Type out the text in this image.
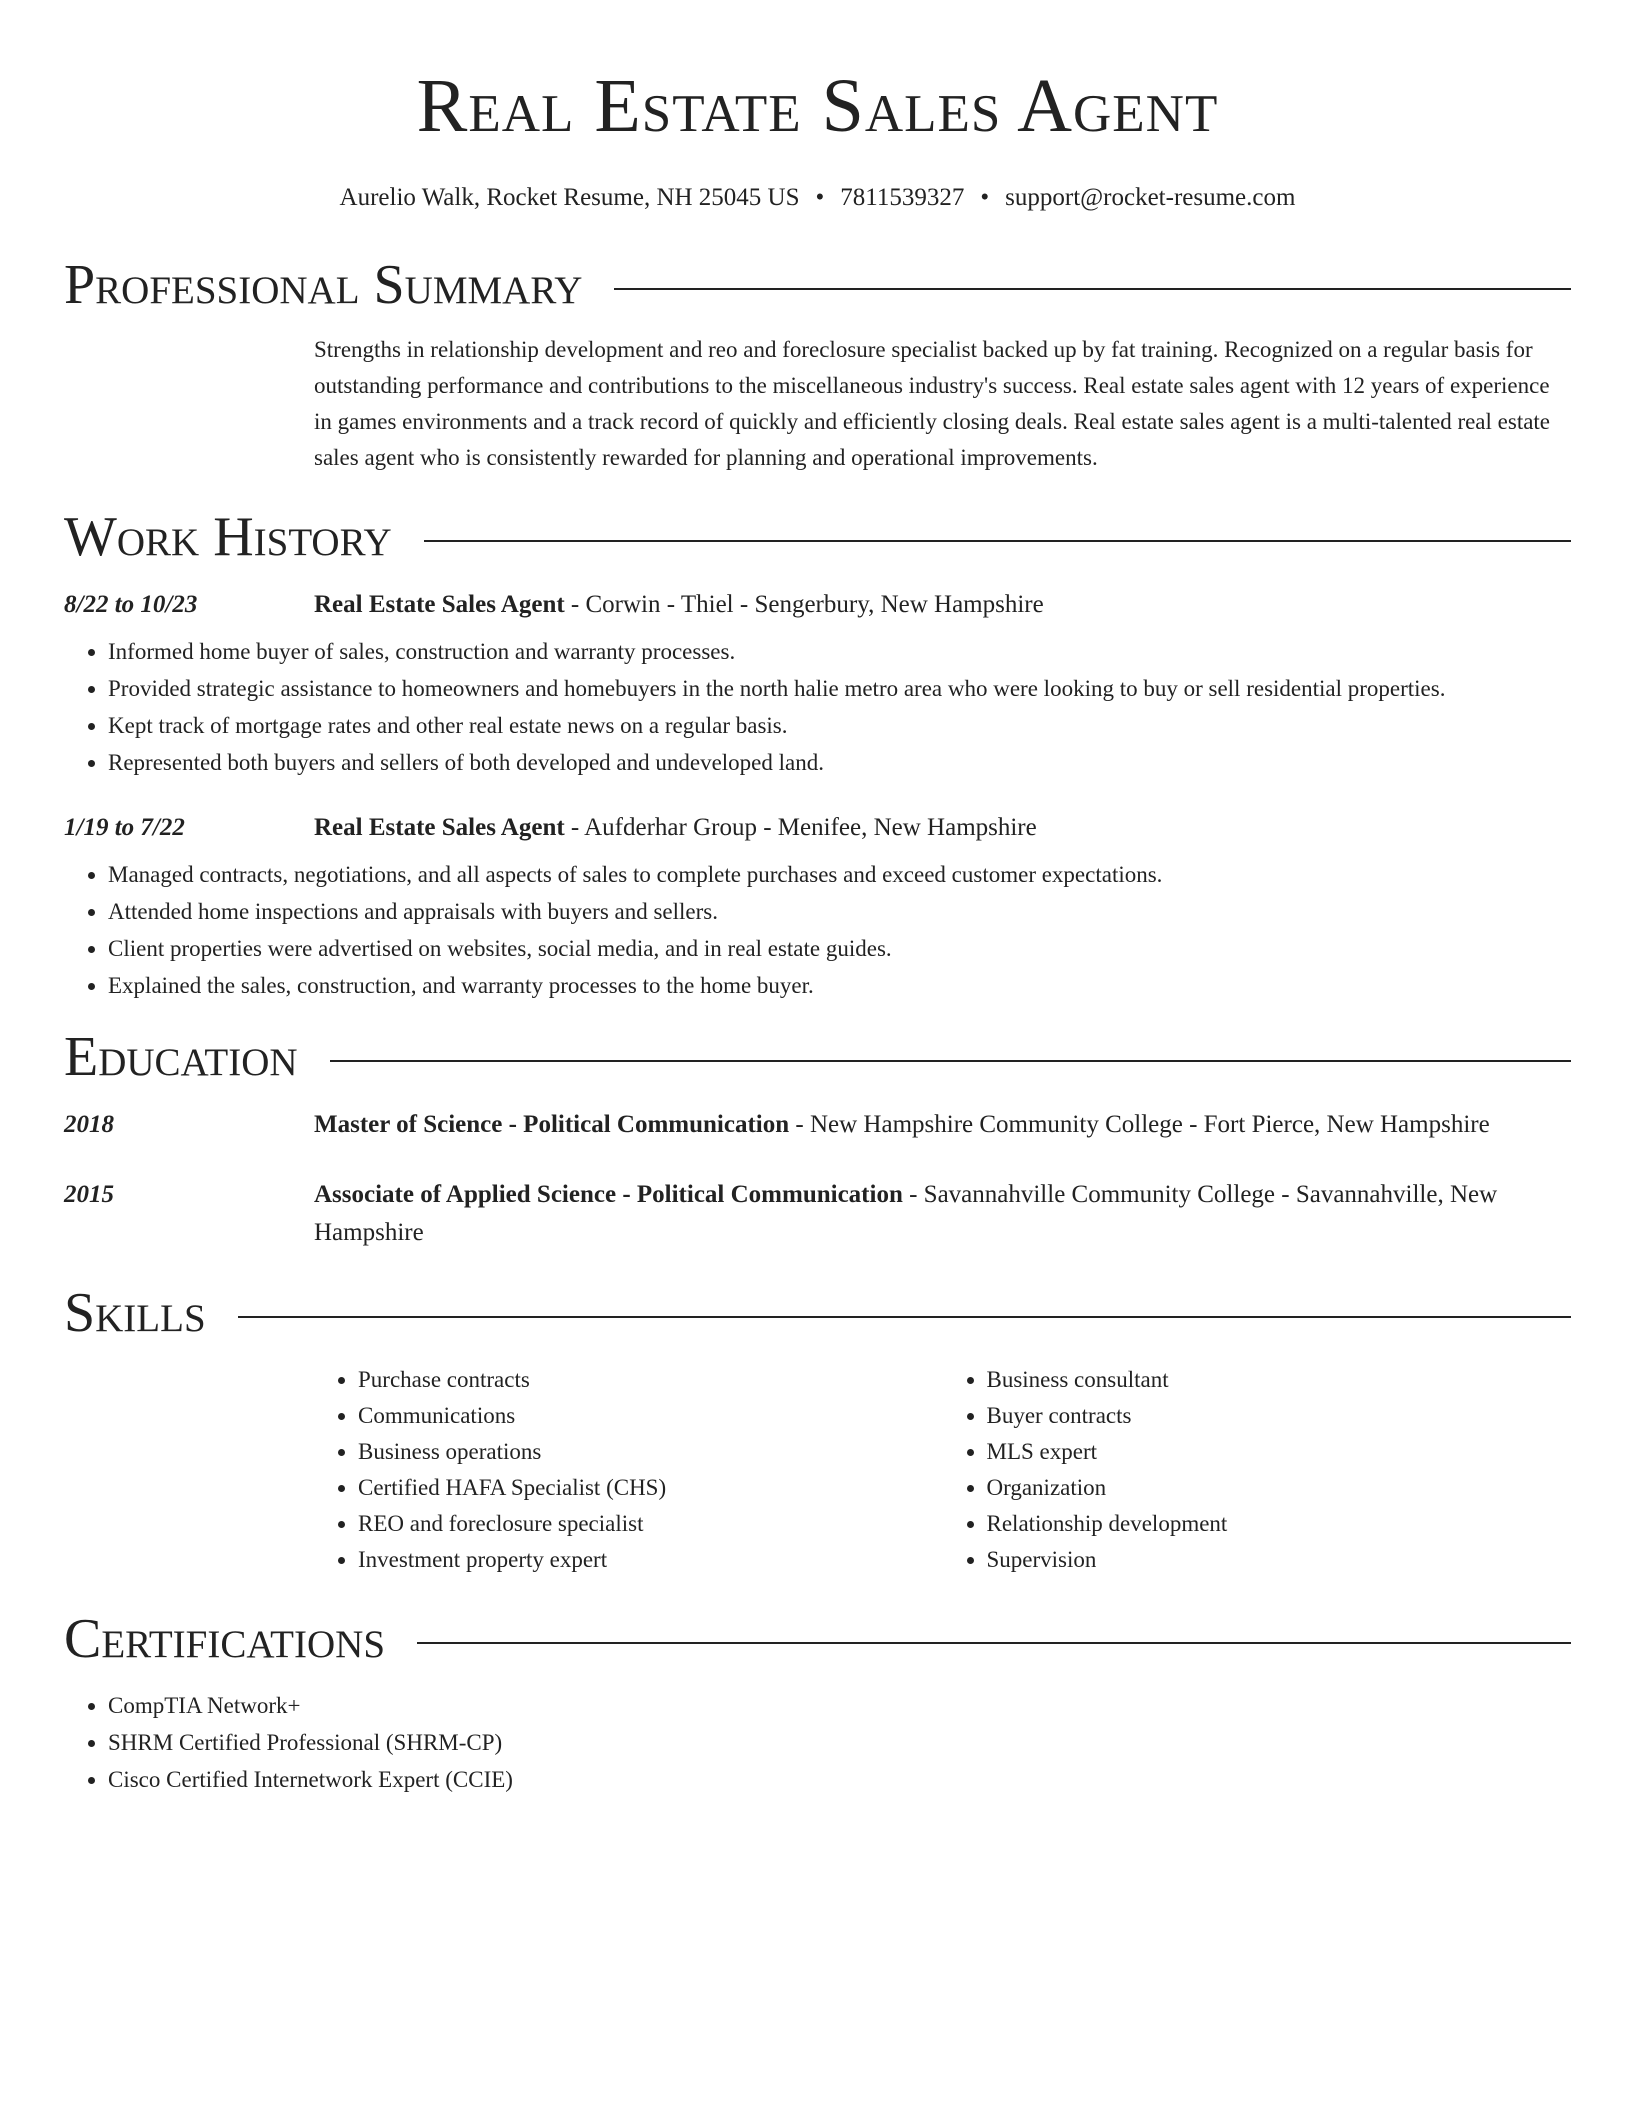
Real Estate Sales Agent
Aurelio Walk, Rocket Resume, NH 25045 US • 7811539327 • support@rocket-resume.com
Professional Summary
Strengths in relationship development and reo and foreclosure specialist backed up by fat training. Recognized on a regular basis for outstanding performance and contributions to the miscellaneous industry's success. Real estate sales agent with 12 years of experience in games environments and a track record of quickly and efficiently closing deals. Real estate sales agent is a multi-talented real estate sales agent who is consistently rewarded for planning and operational improvements.
Work History
8/22 to 10/23	Real Estate Sales Agent - Corwin - Thiel - Sengerbury, New Hampshire
• Informed home buyer of sales, construction and warranty processes.
• Provided strategic assistance to homeowners and homebuyers in the north halie metro area who were looking to buy or sell residential properties.
• Kept track of mortgage rates and other real estate news on a regular basis.
• Represented both buyers and sellers of both developed and undeveloped land.
1/19 to 7/22	Real Estate Sales Agent - Aufderhar Group - Menifee, New Hampshire
• Managed contracts, negotiations, and all aspects of sales to complete purchases and exceed customer expectations.
• Attended home inspections and appraisals with buyers and sellers.
• Client properties were advertised on websites, social media, and in real estate guides.
• Explained the sales, construction, and warranty processes to the home buyer.
Education
2018	Master of Science - Political Communication - New Hampshire Community College - Fort Pierce, New Hampshire
2015	Associate of Applied Science - Political Communication - Savannahville Community College - Savannahville, New Hampshire
Skills
• Purchase contracts
• Communications
• Business operations
• Certified HAFA Specialist (CHS)
• REO and foreclosure specialist
• Investment property expert
• Business consultant
• Buyer contracts
• MLS expert
• Organization
• Relationship development
• Supervision
Certifications
• CompTIA Network+
• SHRM Certified Professional (SHRM-CP)
• Cisco Certified Internetwork Expert (CCIE)
